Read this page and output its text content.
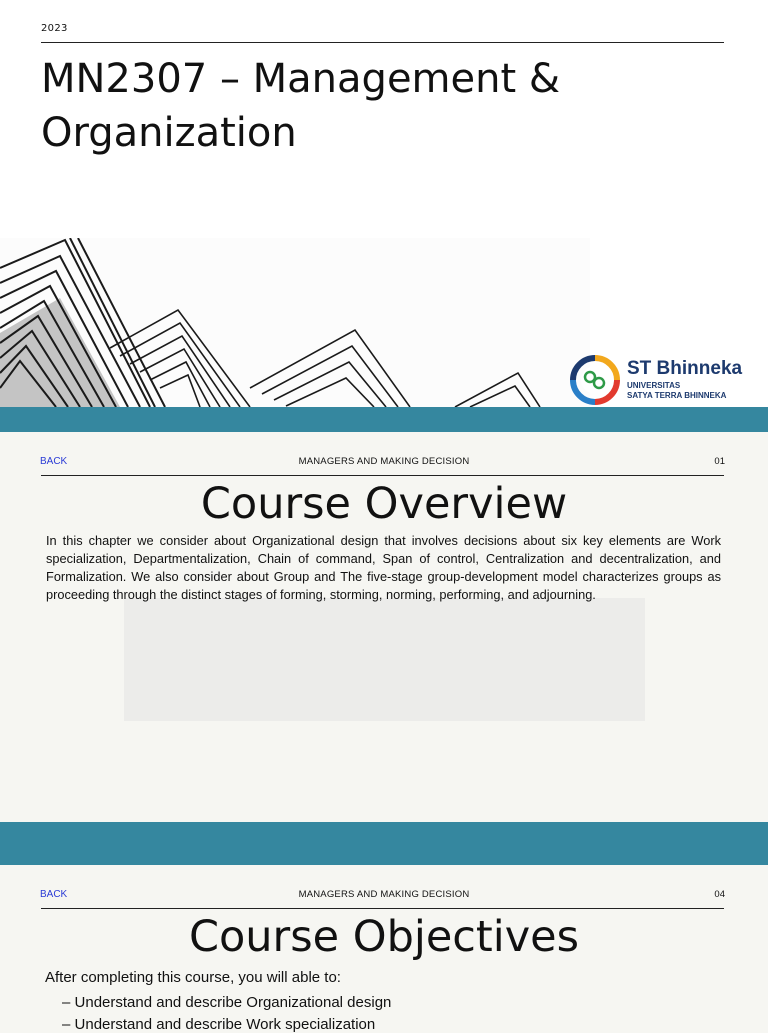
2023
MN2307 – Management & Organization
ST Bhinneka
UNIVERSITAS
SATYA TERRA BHINNEKA
BACK	MANAGERS AND MAKING DECISION	01
Course Overview
In this chapter we consider about Organizational design that involves decisions about six key elements are Work specialization, Departmentalization, Chain of command, Span of control, Centralization and decentralization, and Formalization. We also consider about Group and The five-stage group-development model characterizes groups as proceeding through the distinct stages of forming, storming, norming, performing, and adjourning.
BACK	MANAGERS AND MAKING DECISION	04
Course Objectives
After completing this course, you will able to:
– Understand and describe Organizational design
– Understand and describe Work specialization
